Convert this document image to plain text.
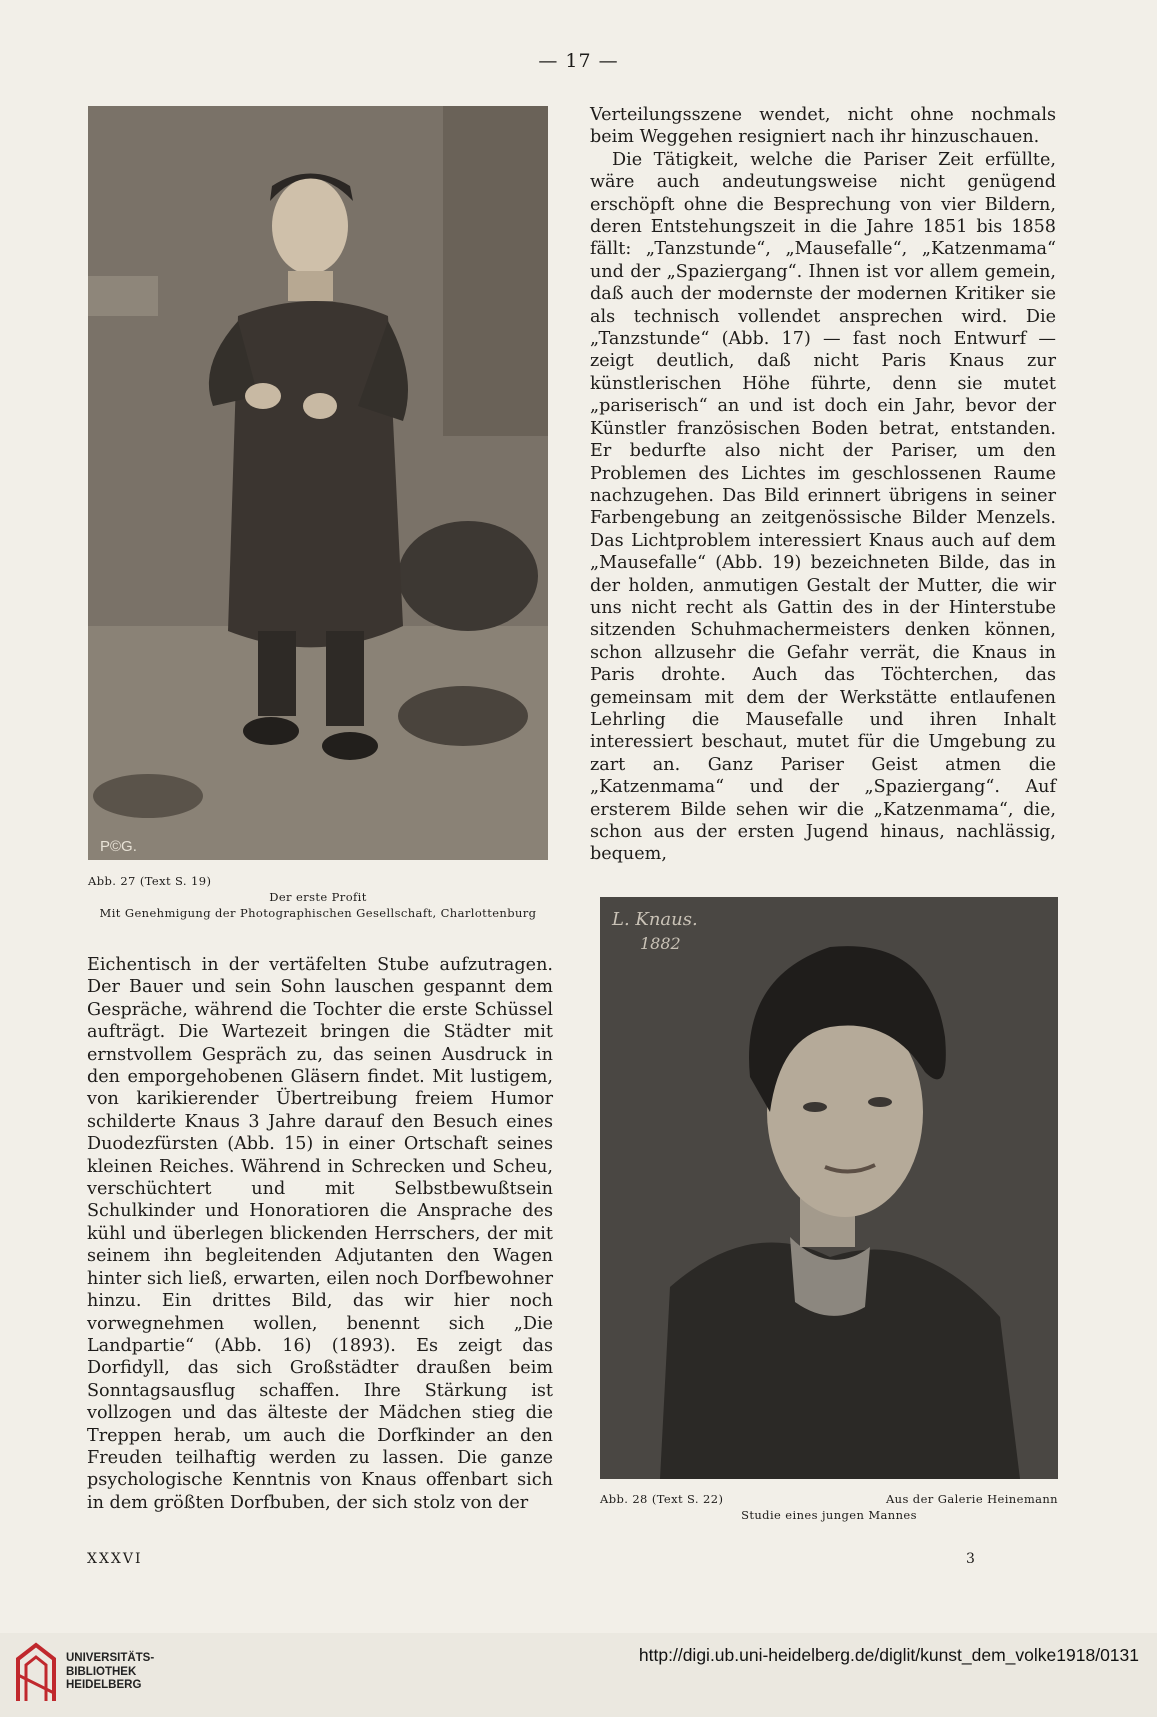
— 17 —
P©G.
Abb. 27 (Text S. 19)
Der erste Profit
Mit Genehmigung der Photographischen Gesellschaft, Charlottenburg

Verteilungsszene wendet, nicht ohne nochmals beim Weggehen resigniert nach ihr hinzuschauen.

Die Tätigkeit, welche die Pariser Zeit erfüllte, wäre auch andeutungsweise nicht genügend erschöpft ohne die Besprechung von vier Bildern, deren Entstehungszeit in die Jahre 1851 bis 1858 fällt: „Tanzstunde“, „Mausefalle“, „Katzenmama“ und der „Spaziergang“. Ihnen ist vor allem gemein, daß auch der modernste der modernen Kritiker sie als technisch vollendet ansprechen wird. Die „Tanzstunde“ (Abb. 17) — fast noch Entwurf — zeigt deutlich, daß nicht Paris Knaus zur künstlerischen Höhe führte, denn sie mutet „pariserisch“ an und ist doch ein Jahr, bevor der Künstler französischen Boden betrat, entstanden. Er bedurfte also nicht der Pariser, um den Problemen des Lichtes im geschlossenen Raume nachzugehen. Das Bild erinnert übrigens in seiner Farbengebung an zeitgenössische Bilder Menzels. Das Lichtproblem interessiert Knaus auch auf dem „Mausefalle“ (Abb. 19) bezeichneten Bilde, das in der holden, anmutigen Gestalt der Mutter, die wir uns nicht recht als Gattin des in der Hinterstube sitzenden Schuhmachermeisters denken können, schon allzusehr die Gefahr verrät, die Knaus in Paris drohte. Auch das Töchterchen, das gemeinsam mit dem der Werkstätte entlaufenen Lehrling die Mausefalle und ihren Inhalt interessiert beschaut, mutet für die Umgebung zu zart an. Ganz Pariser Geist atmen die „Katzenmama“ und der „Spaziergang“. Auf ersterem Bilde sehen wir die „Katzenmama“, die, schon aus der ersten Jugend hinaus, nachlässig, bequem,

Eichentisch in der vertäfelten Stube aufzutragen. Der Bauer und sein Sohn lauschen gespannt dem Gespräche, während die Tochter die erste Schüssel aufträgt. Die Wartezeit bringen die Städter mit ernstvollem Gespräch zu, das seinen Ausdruck in den emporgehobenen Gläsern findet. Mit lustigem, von karikierender Übertreibung freiem Humor schilderte Knaus 3 Jahre darauf den Besuch eines Duodezfürsten (Abb. 15) in einer Ortschaft seines kleinen Reiches. Während in Schrecken und Scheu, verschüchtert und mit Selbstbewußtsein Schulkinder und Honoratioren die Ansprache des kühl und überlegen blickenden Herrschers, der mit seinem ihn begleitenden Adjutanten den Wagen hinter sich ließ, erwarten, eilen noch Dorfbewohner hinzu. Ein drittes Bild, das wir hier noch vorwegnehmen wollen, benennt sich „Die Landpartie“ (Abb. 16) (1893). Es zeigt das Dorfidyll, das sich Großstädter draußen beim Sonntagsausflug schaffen. Ihre Stärkung ist vollzogen und das älteste der Mädchen stieg die Treppen herab, um auch die Dorfkinder an den Freuden teilhaftig werden zu lassen. Die ganze psychologische Kenntnis von Knaus offenbart sich in dem größten Dorfbuben, der sich stolz von der

L. Knaus.
1882
Abb. 28 (Text S. 22)	Aus der Galerie Heinemann
Studie eines jungen Mannes
XXXVI	3
UNIVERSITÄTS-
BIBLIOTHEK
HEIDELBERG
http://digi.ub.uni-heidelberg.de/diglit/kunst_dem_volke1918/0131
